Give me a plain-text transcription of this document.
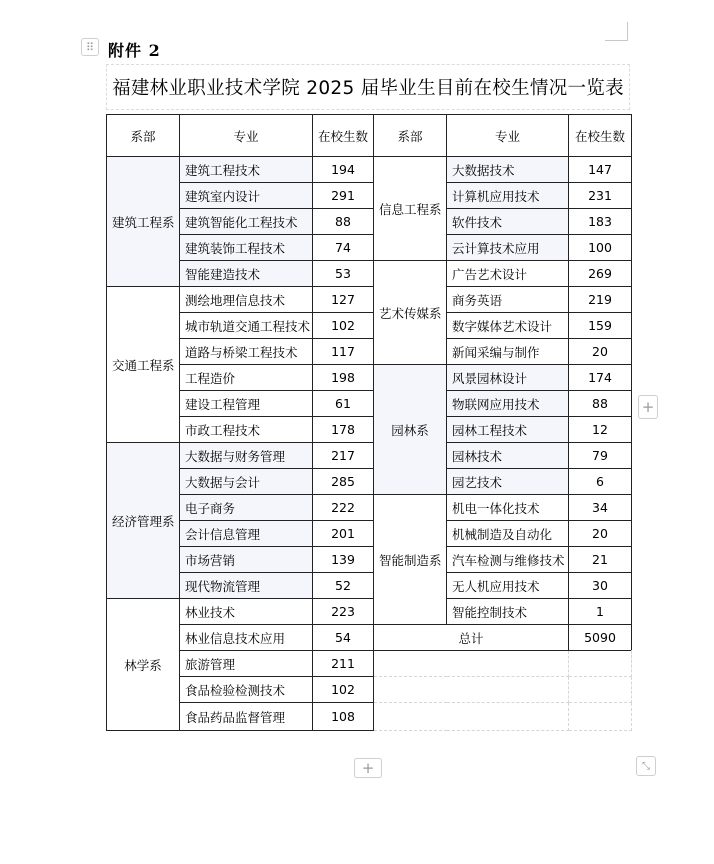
⠿ 附件 2
福建林业职业技术学院 2025 届毕业生目前在校生情况一览表
系部	专业	在校生数	系部	专业	在校生数	
建筑工程系	建筑工程技术	194	信息工程系	大数据技术	147	
	建筑室内设计	291		计算机应用技术	231	
	建筑智能化工程技术	88		软件技术	183	
	建筑装饰工程技术	74		云计算技术应用	100	
	智能建造技术	53	艺术传媒系	广告艺术设计	269	
交通工程系	测绘地理信息技术	127		商务英语	219	
	城市轨道交通工程技术	102		数字媒体艺术设计	159	
	道路与桥梁工程技术	117		新闻采编与制作	20	
	工程造价	198	园林系	风景园林设计	174	
	建设工程管理	61		物联网应用技术	88	
	市政工程技术	178		园林工程技术	12	
经济管理系	大数据与财务管理	217		园林技术	79	
	大数据与会计	285		园艺技术	6	
	电子商务	222	智能制造系	机电一体化技术	34	
	会计信息管理	201		机械制造及自动化	20	
	市场营销	139		汽车检测与维修技术	21	
	现代物流管理	52		无人机应用技术	30	
林学系	林业技术	223		智能控制技术	1	
	林业信息技术应用	54	总计		5090	
	旅游管理	211				
	食品检验检测技术	102				
	食品药品监督管理	108				
+
+	⤡
